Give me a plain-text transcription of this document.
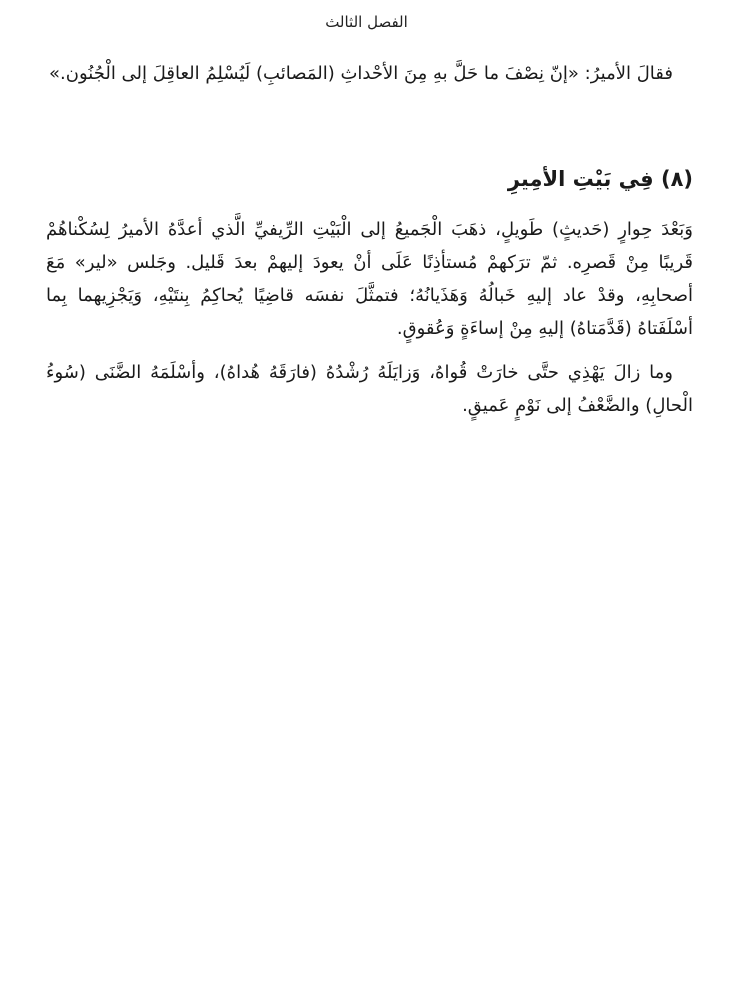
الفصل الثالث

فقالَ الأميرُ: «إنّ نِصْفَ ما حَلَّ بهِ مِنَ الأحْداثِ (المَصائبِ) لَيُسْلِمُ العاقِلَ إلى الْجُنُون.»

(٨) فِي بَيْتِ الأمِيرِ

وَبَعْدَ حِوارٍ (حَديثٍ) طَويلٍ، ذهَبَ الْجَميعُ إلى الْبَيْتِ الرِّيفيِّ الَّذي أعدَّهُ الأميرُ لِسُكْناهُمْ قَريبًا مِنْ قَصرِه. ثمّ ترَكهمْ مُستأذِنًا عَلَى أنْ يعودَ إليهمْ بعدَ قَليل. وجَلس «لير» مَعَ أصحابِهِ، وقدْ عاد إليهِ خَبالُهُ وَهَذَيانُهُ؛ فتمثَّلَ نفسَه قاضِيًا يُحاكِمُ بِنتَيْهِ، وَيَجْزِيهما بِما أسْلَفَتاهُ (قَدَّمَتاهُ) إليهِ مِنْ إساءَةٍ وَعُقوقٍ.

وما زالَ يَهْذِي حتَّى خارَتْ قُواهُ، وَزايَلَهُ رُشْدُهُ (فارَقَهُ هُداهُ)، وأسْلَمَهُ الضَّنَى (سُوءُ الْحالِ) والضَّعْفُ إلى نَوْمٍ عَميقٍ.
